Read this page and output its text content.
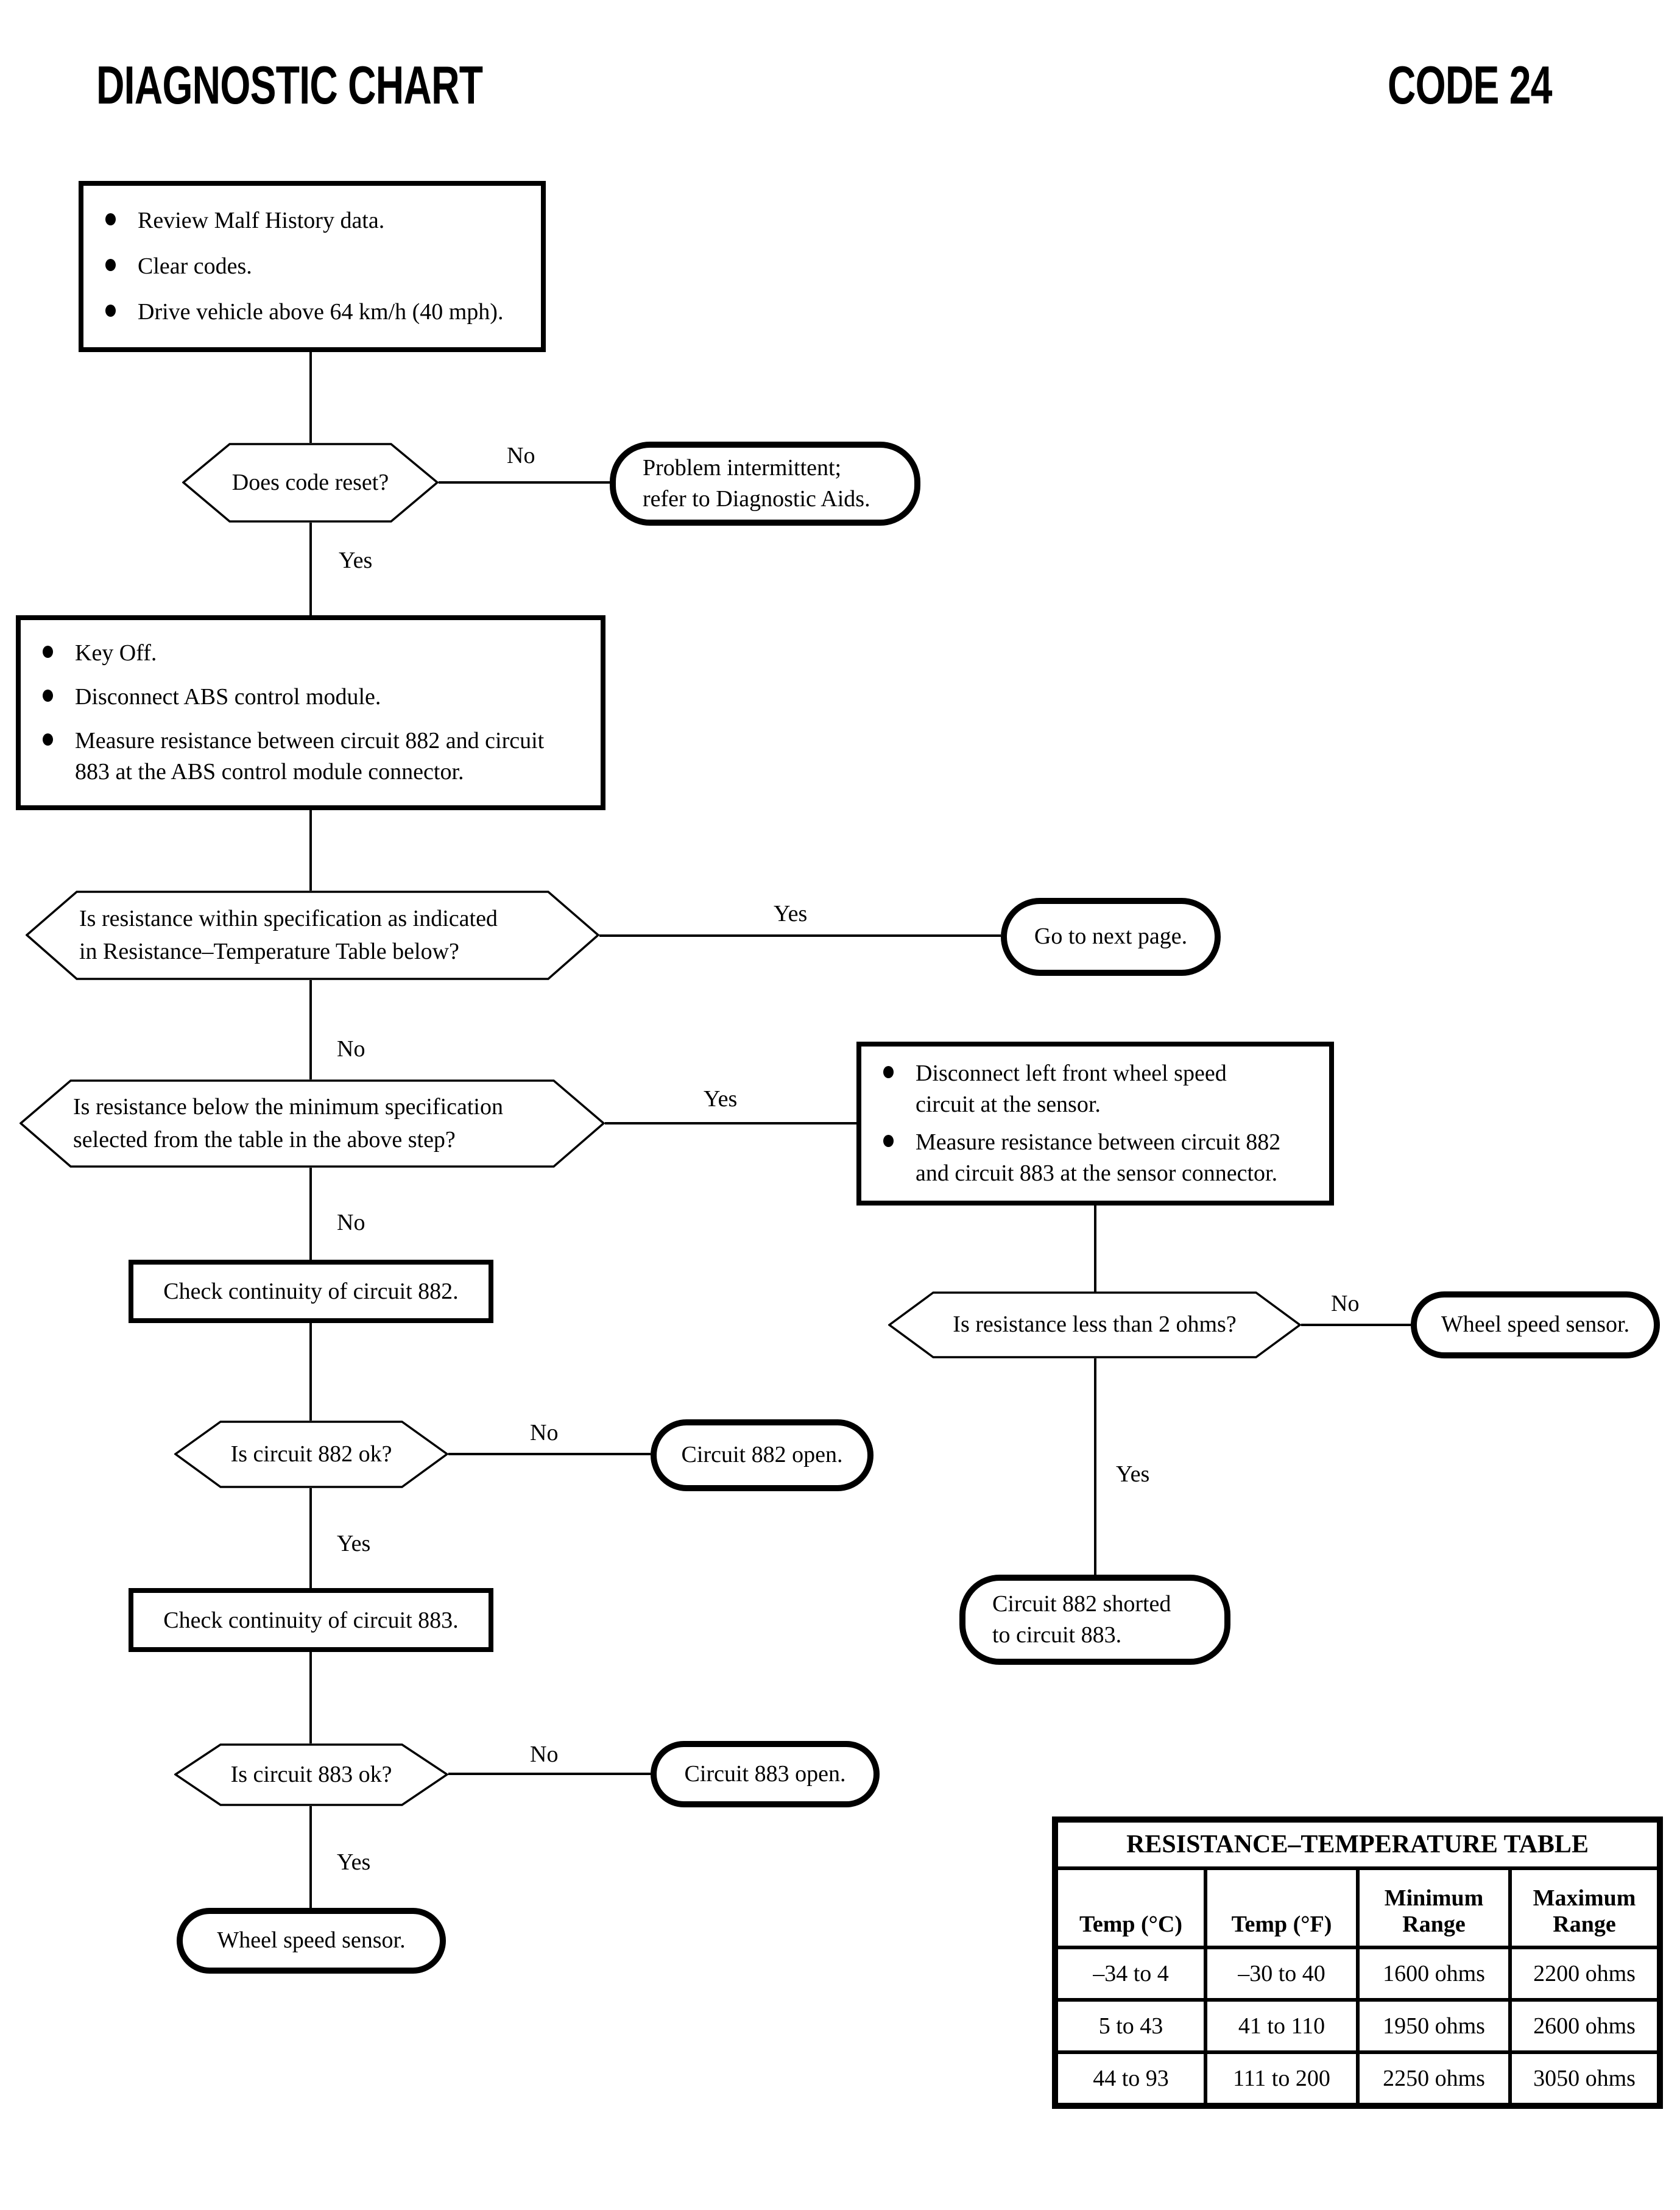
DIAGNOSTIC CHART	CODE 24
Review Malf History data.
Clear codes.
Drive vehicle above 64 km/h (40 mph).
Does code reset?
No	Problem intermittent;
refer to Diagnostic Aids.
Yes
Key Off.
Disconnect ABS control module.
Measure resistance between circuit 882 and circuit
883 at the ABS control module connector.
Is resistance within specification as indicated
in Resistance–Temperature Table below?
Yes
Go to next page.
No
Is resistance below the minimum specification
selected from the table in the above step?
Yes
Disconnect left front wheel speed
circuit at the sensor.
Measure resistance between circuit 882
and circuit 883 at the sensor connector.
No
Check continuity of circuit 882.
Is resistance less than 2 ohms?
No
Wheel speed sensor.
Yes
Circuit 882 shorted
to circuit 883.
Is circuit 882 ok?
No
Circuit 882 open.
Yes
Check continuity of circuit 883.
Is circuit 883 ok?
No
Circuit 883 open.
Yes
Wheel speed sensor.
RESISTANCE–TEMPERATURE TABLE			
Temp (°C)	Temp (°F)	Minimum Range	Maximum Range
–34 to 4	–30 to 40	1600 ohms	2200 ohms
5 to 43	41 to 110	1950 ohms	2600 ohms
44 to 93	111 to 200	2250 ohms	3050 ohms
